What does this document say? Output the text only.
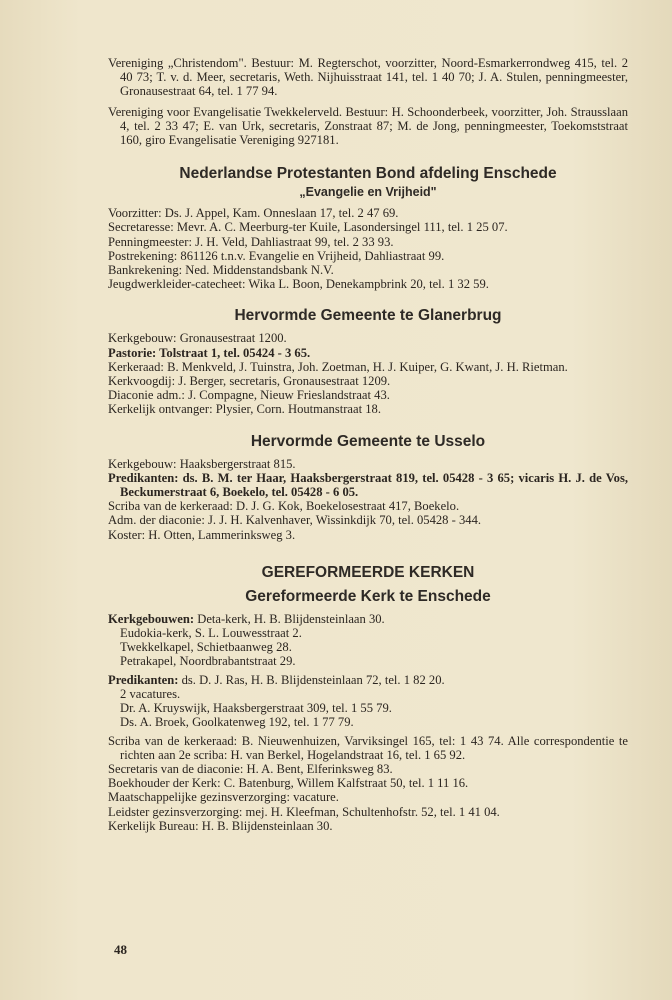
Vereniging „Christendom". Bestuur: M. Regterschot, voorzitter, Noord-Esmarkerrondweg 415, tel. 2 40 73; T. v. d. Meer, secretaris, Weth. Nijhuisstraat 141, tel. 1 40 70; J. A. Stulen, penningmeester, Gronausestraat 64, tel. 1 77 94.

Vereniging voor Evangelisatie Twekkelerveld. Bestuur: H. Schoonderbeek, voorzitter, Joh. Strausslaan 4, tel. 2 33 47; E. van Urk, secretaris, Zonstraat 87; M. de Jong, penningmeester, Toekomststraat 160, giro Evangelisatie Vereniging 927181.

Nederlandse Protestanten Bond afdeling Enschede
„Evangelie en Vrijheid"

Voorzitter: Ds. J. Appel, Kam. Onneslaan 17, tel. 2 47 69.

Secretaresse: Mevr. A. C. Meerburg-ter Kuile, Lasondersingel 111, tel. 1 25 07.

Penningmeester: J. H. Veld, Dahliastraat 99, tel. 2 33 93.

Postrekening: 861126 t.n.v. Evangelie en Vrijheid, Dahliastraat 99.

Bankrekening: Ned. Middenstandsbank N.V.

Jeugdwerkleider-catecheet: Wika L. Boon, Denekampbrink 20, tel. 1 32 59.

Hervormde Gemeente te Glanerbrug

Kerkgebouw: Gronausestraat 1200.

Pastorie: Tolstraat 1, tel. 05424 - 3 65.

Kerkeraad: B. Menkveld, J. Tuinstra, Joh. Zoetman, H. J. Kuiper, G. Kwant, J. H. Rietman.

Kerkvoogdij: J. Berger, secretaris, Gronausestraat 1209.

Diaconie adm.: J. Compagne, Nieuw Frieslandstraat 43.

Kerkelijk ontvanger: Plysier, Corn. Houtmanstraat 18.

Hervormde Gemeente te Usselo

Kerkgebouw: Haaksbergerstraat 815.

Predikanten: ds. B. M. ter Haar, Haaksbergerstraat 819, tel. 05428 - 3 65; vicaris H. J. de Vos, Beckumerstraat 6, Boekelo, tel. 05428 - 6 05.

Scriba van de kerkeraad: D. J. G. Kok, Boekelosestraat 417, Boekelo.

Adm. der diaconie: J. J. H. Kalvenhaver, Wissinkdijk 70, tel. 05428 - 344.

Koster: H. Otten, Lammerinksweg 3.

GEREFORMEERDE KERKEN
Gereformeerde Kerk te Enschede

Kerkgebouwen: Deta-kerk, H. B. Blijdensteinlaan 30.

Eudokia-kerk, S. L. Louwesstraat 2.

Twekkelkapel, Schietbaanweg 28.

Petrakapel, Noordbrabantstraat 29.

Predikanten: ds. D. J. Ras, H. B. Blijdensteinlaan 72, tel. 1 82 20.

2 vacatures.

Dr. A. Kruyswijk, Haaksbergerstraat 309, tel. 1 55 79.

Ds. A. Broek, Goolkatenweg 192, tel. 1 77 79.

Scriba van de kerkeraad: B. Nieuwenhuizen, Varviksingel 165, tel: 1 43 74. Alle correspondentie te richten aan 2e scriba: H. van Berkel, Hogelandstraat 16, tel. 1 65 92.

Secretaris van de diaconie: H. A. Bent, Elferinksweg 83.

Boekhouder der Kerk: C. Batenburg, Willem Kalfstraat 50, tel. 1 11 16.

Maatschappelijke gezinsverzorging: vacature.

Leidster gezinsverzorging: mej. H. Kleefman, Schultenhofstr. 52, tel. 1 41 04.

Kerkelijk Bureau: H. B. Blijdensteinlaan 30.

48
